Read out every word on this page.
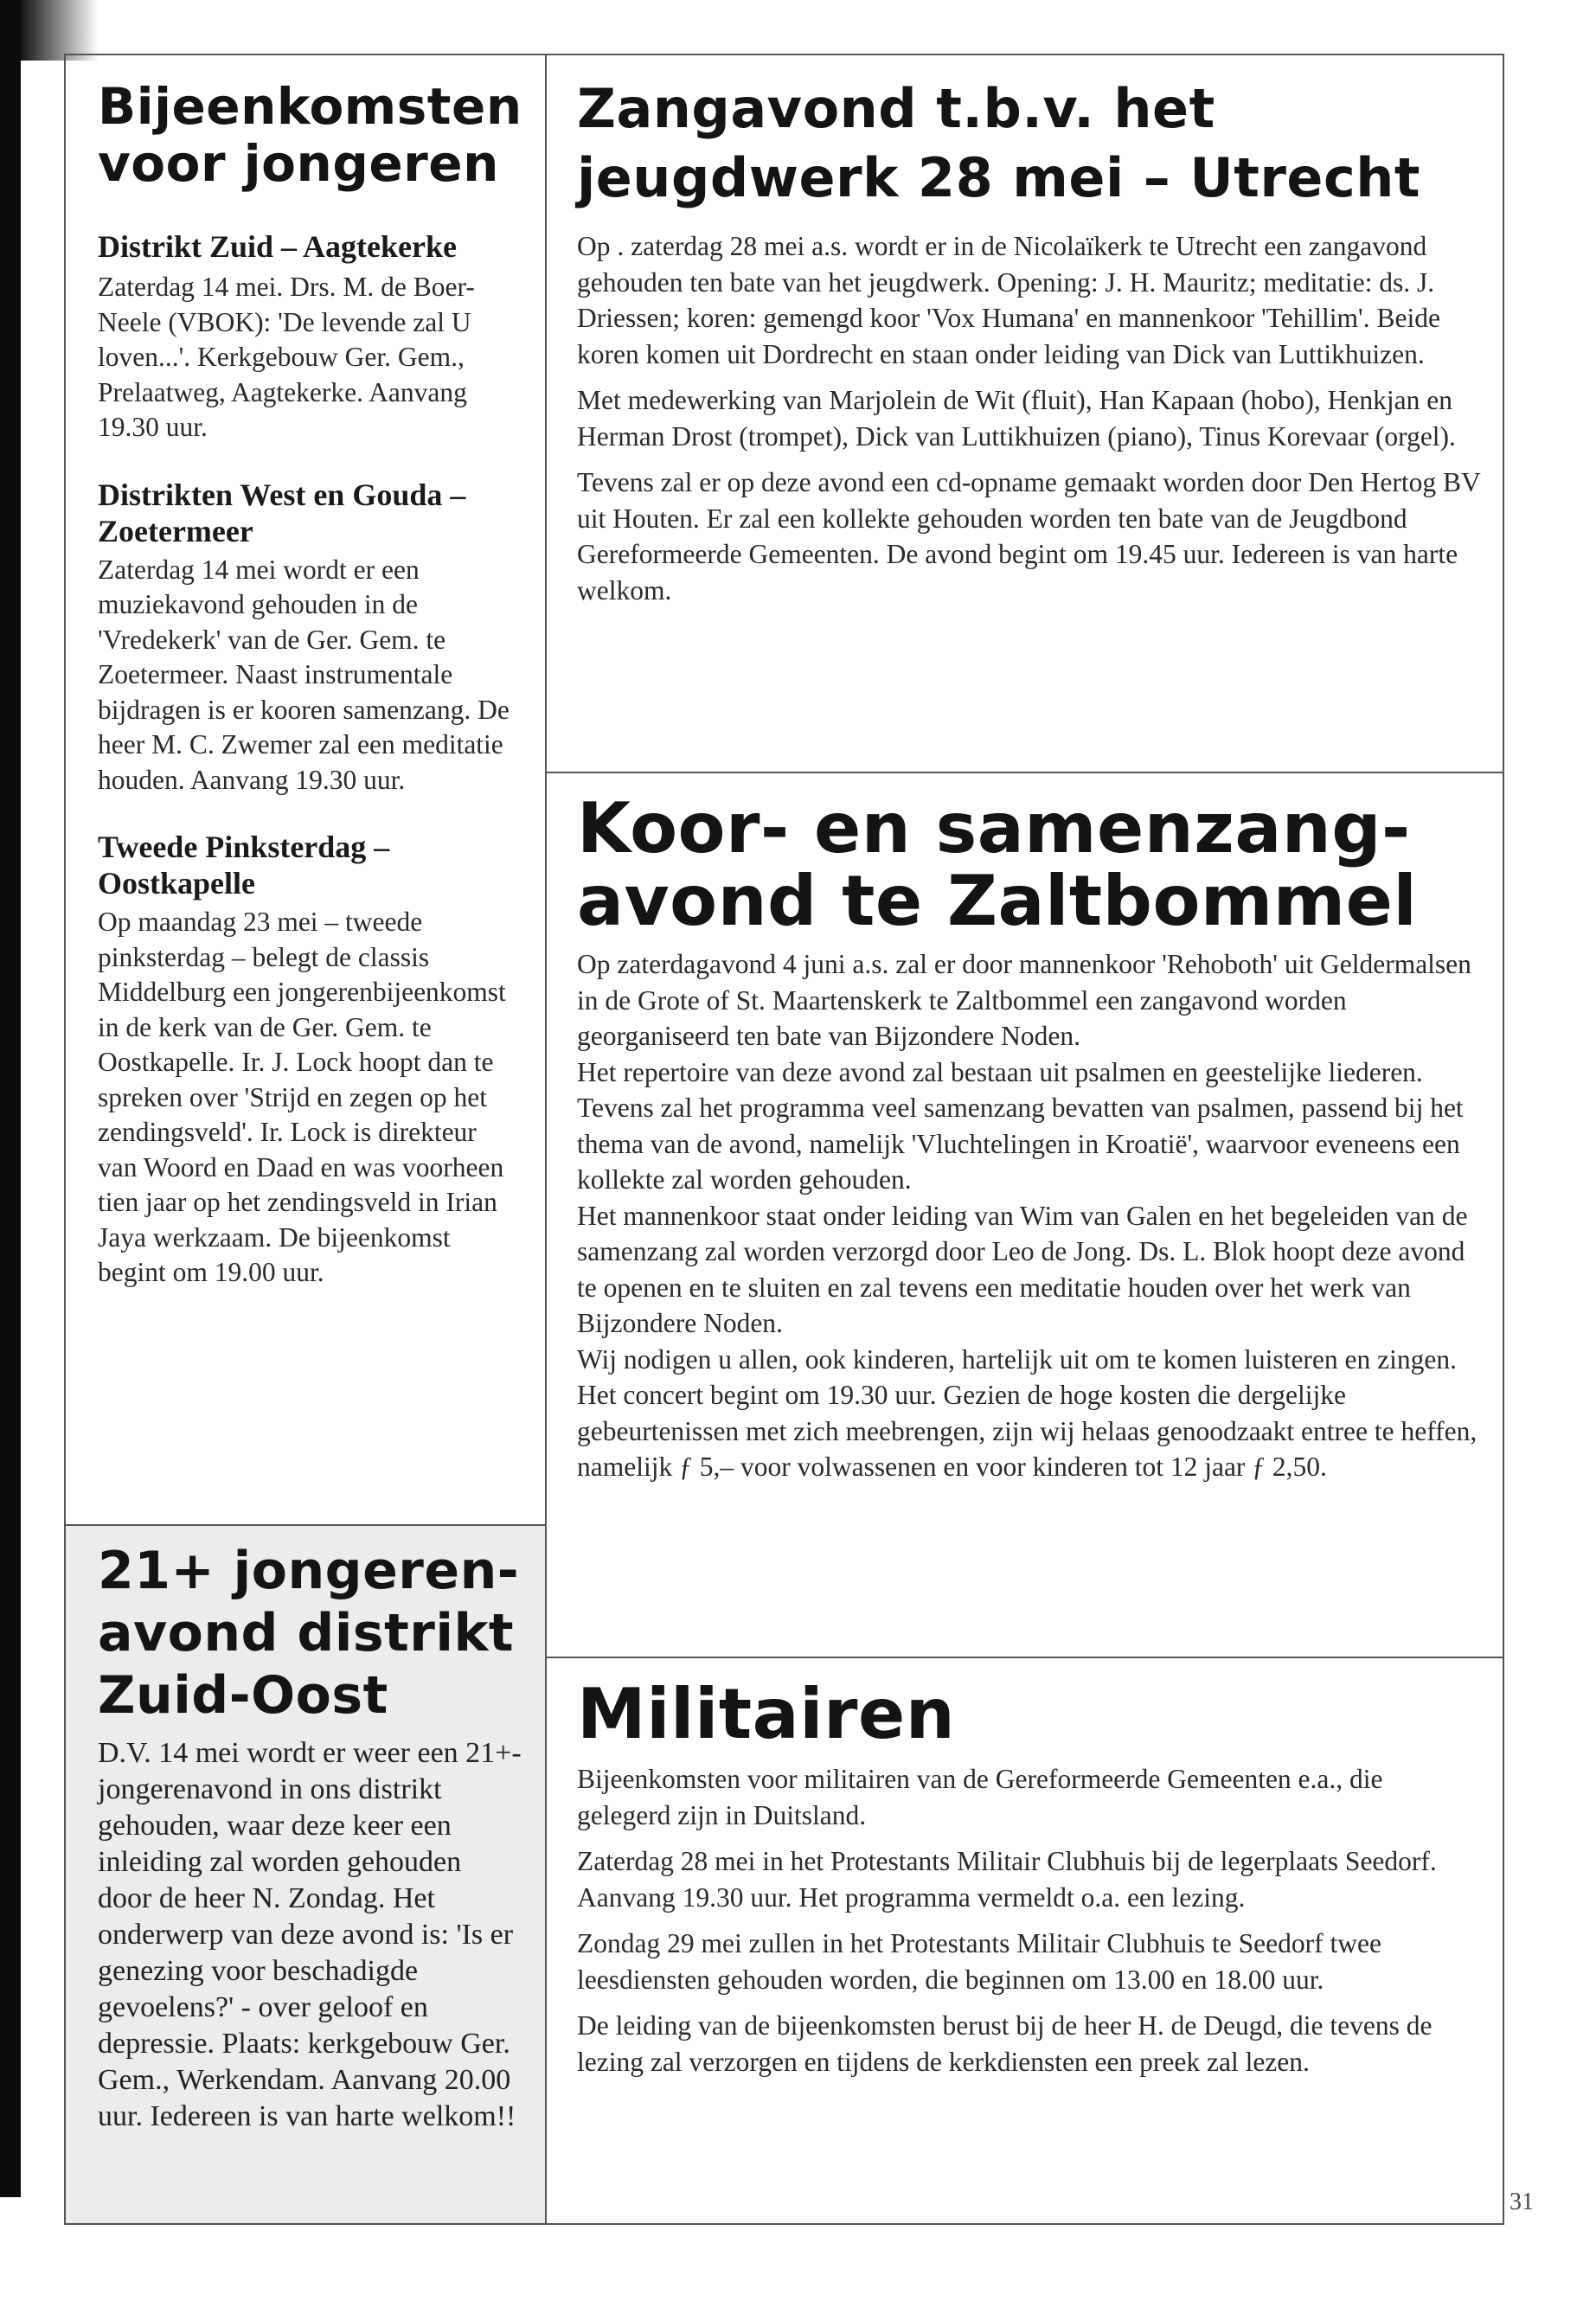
Bijeenkomsten voor jongeren
Distrikt Zuid – Aagtekerke

Zaterdag 14 mei. Drs. M. de Boer-Neele (VBOK): 'De levende zal U loven...'. Kerkgebouw Ger. Gem., Prelaatweg, Aagtekerke. Aanvang 19.30 uur.

Distrikten West en Gouda – Zoetermeer

Zaterdag 14 mei wordt er een muziekavond gehouden in de 'Vredekerk' van de Ger. Gem. te Zoetermeer. Naast instrumentale bijdragen is er kooren samenzang. De heer M. C. Zwemer zal een meditatie houden. Aanvang 19.30 uur.

Tweede Pinksterdag – Oostkapelle

Op maandag 23 mei – tweede pinksterdag – belegt de classis Middelburg een jongerenbijeenkomst in de kerk van de Ger. Gem. te Oostkapelle. Ir. J. Lock hoopt dan te spreken over 'Strijd en zegen op het zendingsveld'. Ir. Lock is direkteur van Woord en Daad en was voorheen tien jaar op het zendingsveld in Irian Jaya werkzaam. De bijeenkomst begint om 19.00 uur.

21+ jongeren-avond distrikt Zuid-Oost

D.V. 14 mei wordt er weer een 21+-jongerenavond in ons distrikt gehouden, waar deze keer een inleiding zal worden gehouden door de heer N. Zondag. Het onderwerp van deze avond is: 'Is er genezing voor beschadigde gevoelens?' - over geloof en depressie. Plaats: kerkgebouw Ger. Gem., Werkendam. Aanvang 20.00 uur. Iedereen is van harte welkom!!

Zangavond t.b.v. het jeugdwerk 28 mei – Utrecht

Op . zaterdag 28 mei a.s. wordt er in de Nicolaïkerk te Utrecht een zangavond gehouden ten bate van het jeugdwerk. Opening: J. H. Mauritz; meditatie: ds. J. Driessen; koren: gemengd koor 'Vox Humana' en mannenkoor 'Tehillim'. Beide koren komen uit Dordrecht en staan onder leiding van Dick van Luttikhuizen.

Met medewerking van Marjolein de Wit (fluit), Han Kapaan (hobo), Henkjan en Herman Drost (trompet), Dick van Luttikhuizen (piano), Tinus Korevaar (orgel).

Tevens zal er op deze avond een cd-opname gemaakt worden door Den Hertog BV uit Houten. Er zal een kollekte gehouden worden ten bate van de Jeugdbond Gereformeerde Gemeenten. De avond begint om 19.45 uur. Iedereen is van harte welkom.

Koor- en samenzang-avond te Zaltbommel

Op zaterdagavond 4 juni a.s. zal er door mannenkoor 'Rehoboth' uit Geldermalsen in de Grote of St. Maartenskerk te Zaltbommel een zangavond worden georganiseerd ten bate van Bijzondere Noden.

Het repertoire van deze avond zal bestaan uit psalmen en geestelijke liederen. Tevens zal het programma veel samenzang bevatten van psalmen, passend bij het thema van de avond, namelijk 'Vluchtelingen in Kroatië', waarvoor eveneens een kollekte zal worden gehouden.

Het mannenkoor staat onder leiding van Wim van Galen en het begeleiden van de samenzang zal worden verzorgd door Leo de Jong. Ds. L. Blok hoopt deze avond te openen en te sluiten en zal tevens een meditatie houden over het werk van Bijzondere Noden.

Wij nodigen u allen, ook kinderen, hartelijk uit om te komen luisteren en zingen. Het concert begint om 19.30 uur. Gezien de hoge kosten die dergelijke gebeurtenissen met zich meebrengen, zijn wij helaas genoodzaakt entree te heffen, namelijk ƒ 5,– voor volwassenen en voor kinderen tot 12 jaar ƒ 2,50.

Militairen

Bijeenkomsten voor militairen van de Gereformeerde Gemeenten e.a., die gelegerd zijn in Duitsland.

Zaterdag 28 mei in het Protestants Militair Clubhuis bij de legerplaats Seedorf. Aanvang 19.30 uur. Het programma vermeldt o.a. een lezing.

Zondag 29 mei zullen in het Protestants Militair Clubhuis te Seedorf twee leesdiensten gehouden worden, die beginnen om 13.00 en 18.00 uur.

De leiding van de bijeenkomsten berust bij de heer H. de Deugd, die tevens de lezing zal verzorgen en tijdens de kerkdiensten een preek zal lezen.

31
